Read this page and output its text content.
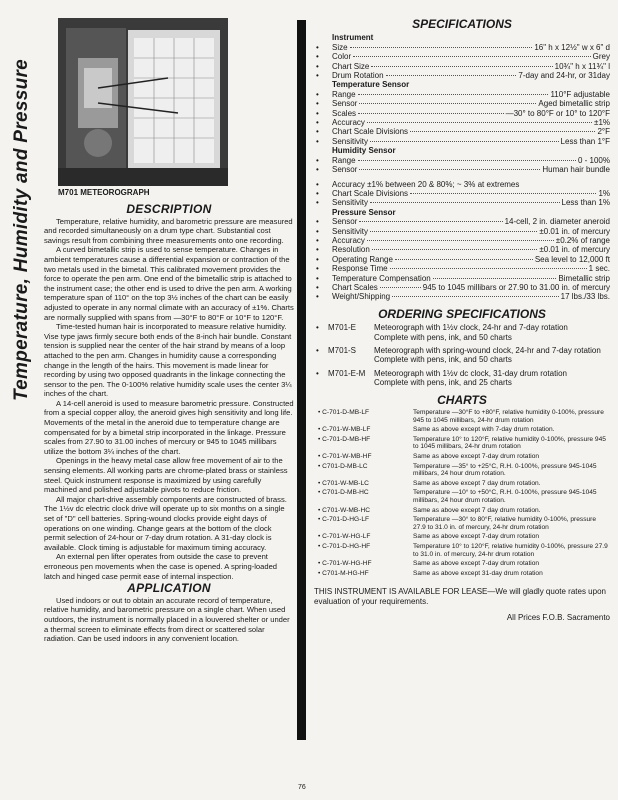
Temperature, Humidity and Pressure	M701 METEOROGRAPH
DESCRIPTION

Temperature, relative humidity, and barometric pressure are measured and recorded simultaneously on a drum type chart. Substantial cost savings result from combining three measurements onto one recording.

A curved bimetallic strip is used to sense temperature. Changes in ambient temperatures cause a differential expansion or contraction of the two metals used in the bimetal. This calibrated movement provides the force to operate the pen arm. One end of the bimetallic strip is attached to the instrument case; the other end is used to drive the pen arm. A working temperature span of 110° on the top 3½ inches of the chart can be easily adjusted to operate in any normal climate with an accuracy of ±1%. Charts are normally supplied with spans from —30°F to 80°F or 10°F to 120°F.

Time-tested human hair is incorporated to measure relative humidity. Vise type jaws firmly secure both ends of the 8-inch hair bundle. Constant tension is supplied near the center of the hair strand by means of a loop attached to the pen arm. Changes in humidity cause a corresponding change in the length of the hairs. This movement is made linear for recording by using two opposed quadrants in the linkage connecting the sensor to the pen. The 0-100% relative humidity scale uses the center 3¼ inches of the chart.

A 14-cell aneroid is used to measure barometric pressure. Constructed from a special copper alloy, the aneroid gives high sensitivity and long life. Movements of the metal in the aneroid due to temperature change are compensated for by a bimetal strip incorporated in the linkage. Pressure scales from 27.90 to 31.00 inches of mercury or 945 to 1045 millibars utilize the bottom 3¼ inches of the chart.

Openings in the heavy metal case allow free movement of air to the sensing elements. All working parts are chrome-plated brass or stainless steel. Quick instrument response is maximized by using carefully machined and polished adjustable pivots to reduce friction.

All major chart-drive assembly components are constructed of brass. The 1½v dc electric clock drive will operate up to six months on a single set of "D" cell batteries. Spring-wound clocks provide eight days of operations on one winding. Change gears at the bottom of the clock permit selection of 24-hour or 7-day drum rotation. A 31-day clock is available. Clock timing is adjustable for maximum timing accuracy.

An external pen lifter operates from outside the case to prevent erroneous pen movements when the case is opened. A spring-loaded latch and hinged case permit ease of internal inspection.

APPLICATION

Used indoors or out to obtain an accurate record of temperature, relative humidity, and barometric pressure on a single chart. When used outdoors, the instrument is normally placed in a louvered shelter or under a thermal screen to eliminate effects from direct or scattered solar radiation. Can be used indoors in any convenient location.

SPECIFICATIONS
Instrument
•	Size	16" h x 12½" w x 6" d
•	Color	Grey
•	Chart Size	10¾" h x 11¾" l
•	Drum Rotation	7-day and 24-hr, or 31day
Temperature Sensor
•	Range	110°F adjustable
•	Sensor	Aged bimetallic strip
•	Scales	—30° to 80°F or 10° to 120°F
•	Accuracy	±1%
•	Chart Scale Divisions	2°F
•	Sensitivity	Less than 1°F
Humidity Sensor
•	Range	0 - 100%
•	Sensor	Human hair bundle
•	Accuracy ±1% between 20 & 80%; ~ 3% at extremes
•	Chart Scale Divisions	1%
•	Sensitivity	Less than 1%
Pressure Sensor
•	Sensor	14-cell, 2 in. diameter aneroid
•	Sensitivity	±0.01 in. of mercury
•	Accuracy	±0.2% of range
•	Resolution	±0.01 in. of mercury
•	Operating Range	Sea level to 12,000 ft
•	Response Time	1 sec.
•	Temperature Compensation	Bimetallic strip
•	Chart Scales	945 to 1045 millibars or 27.90 to 31.00 in. of mercury
•	Weight/Shipping	17 lbs./33 lbs.
ORDERING SPECIFICATIONS
•	M701-E	Meteorograph with 1½v clock, 24-hr and 7-day rotation
Complete with pens, ink, and 50 charts
•	M701-S	Meteorograph with spring-wound clock, 24-hr and 7-day rotation
Complete with pens, ink, and 50 charts
•	M701-E-M	Meteorograph with 1½v dc clock, 31-day drum rotation
Complete with pens, ink, and 25 charts
CHARTS
• C-701-D-MB-LF	Temperature —30°F to +80°F, relative humidity 0-100%, pressure 945 to 1045 millibars, 24-hr drum rotation
• C-701-W-MB-LF	Same as above except with 7-day drum rotation.
• C-701-D-MB-HF	Temperature 10° to 120°F, relative humidity 0-100%, pressure 945 to 1045 millibars, 24-hr drum rotation
• C-701-W-MB-HF	Same as above except 7-day drum rotation
• C701-D-MB-LC	Temperature —35° to +25°C, R.H. 0-100%, pressure 945-1045 millibars, 24 hour drum rotation.
• C701-W-MB-LC	Same as above except 7 day drum rotation.
• C701-D-MB-HC	Temperature —10° to +50°C, R.H. 0-100%, pressure 945-1045 millibars, 24 hour drum rotation.
• C701-W-MB-HC	Same as above except 7 day drum rotation.
• C-701-D-HG-LF	Temperature —30° to 80°F, relative humidity 0-100%, pressure 27.9 to 31.0 in. of mercury, 24-hr drum rotation
• C-701-W-HG-LF	Same as above except 7-day drum rotation
• C-701-D-HG-HF	Temperature 10° to 120°F, relative humidity 0-100%, pressure 27.9 to 31.0 in. of mercury, 24-hr drum rotation
• C-701-W-HG-HF	Same as above except 7-day drum rotation
• C701-M-HG-HF	Same as above except 31-day drum rotation
THIS INSTRUMENT IS AVAILABLE FOR LEASE—We will gladly quote rates upon evaluation of your requirements.
All Prices F.O.B. Sacramento
76
